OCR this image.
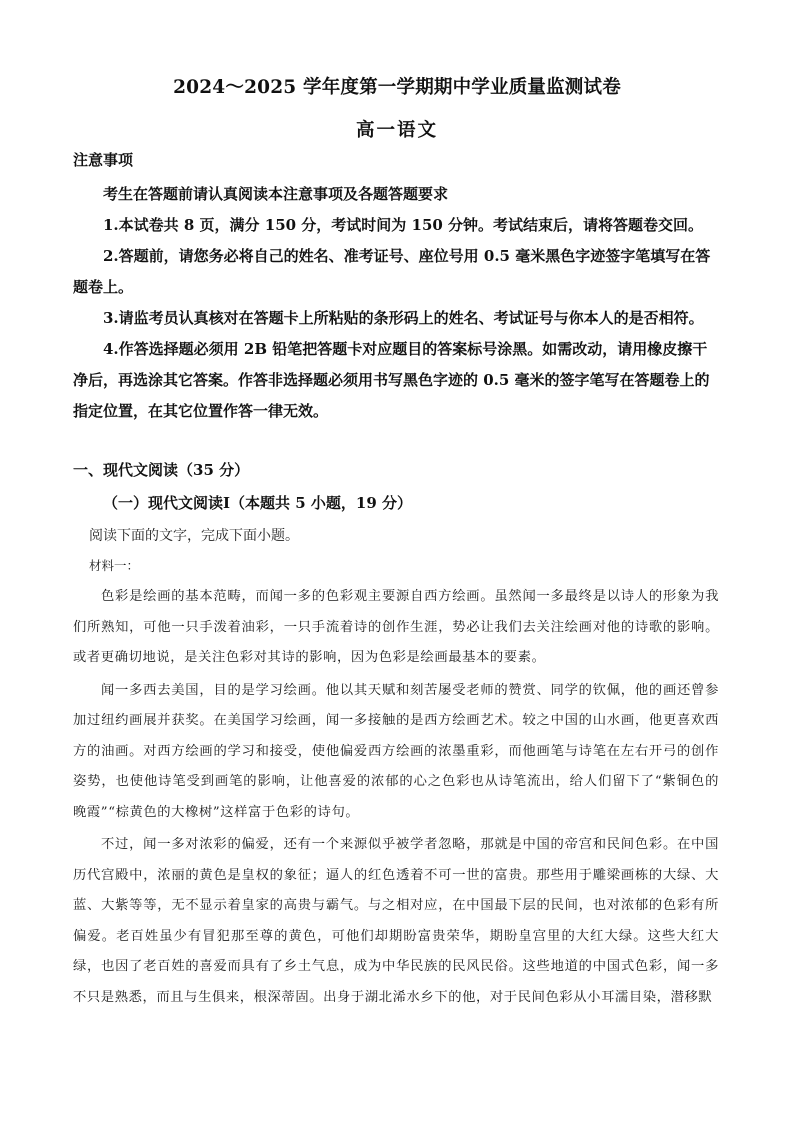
2024～2025 学年度第一学期期中学业质量监测试卷
高一语文
注意事项

考生在答题前请认真阅读本注意事项及各题答题要求

1.本试卷共 8 页，满分 150 分，考试时间为 150 分钟。考试结束后，请将答题卷交回。

2.答题前，请您务必将自己的姓名、准考证号、座位号用 0.5 毫米黑色字迹签字笔填写在答题卷上。

3.请监考员认真核对在答题卡上所粘贴的条形码上的姓名、考试证号与你本人的是否相符。

4.作答选择题必须用 2B 铅笔把答题卡对应题目的答案标号涂黑。如需改动，请用橡皮擦干净后，再选涂其它答案。作答非选择题必须用书写黑色字迹的 0.5 毫米的签字笔写在答题卷上的指定位置，在其它位置作答一律无效。

一、现代文阅读（35 分）
（一）现代文阅读Ⅰ（本题共 5 小题，19 分）
阅读下面的文字，完成下面小题。
材料一：

色彩是绘画的基本范畴，而闻一多的色彩观主要源自西方绘画。虽然闻一多最终是以诗人的形象为我们所熟知，可他一只手泼着油彩，一只手流着诗的创作生涯，势必让我们去关注绘画对他的诗歌的影响。或者更确切地说，是关注色彩对其诗的影响，因为色彩是绘画最基本的要素。

闻一多西去美国，目的是学习绘画。他以其天赋和刻苦屡受老师的赞赏、同学的钦佩，他的画还曾参加过纽约画展并获奖。在美国学习绘画，闻一多接触的是西方绘画艺术。较之中国的山水画，他更喜欢西方的油画。对西方绘画的学习和接受，使他偏爱西方绘画的浓墨重彩，而他画笔与诗笔在左右开弓的创作姿势，也使他诗笔受到画笔的影响，让他喜爱的浓郁的心之色彩也从诗笔流出，给人们留下了“紫铜色的晚霞”“棕黄色的大橡树”这样富于色彩的诗句。

不过，闻一多对浓彩的偏爱，还有一个来源似乎被学者忽略，那就是中国的帝宫和民间色彩。在中国历代宫殿中，浓丽的黄色是皇权的象征；逼人的红色透着不可一世的富贵。那些用于雕梁画栋的大绿、大蓝、大紫等等，无不显示着皇家的高贵与霸气。与之相对应，在中国最下层的民间，也对浓郁的色彩有所偏爱。老百姓虽少有冒犯那至尊的黄色，可他们却期盼富贵荣华，期盼皇宫里的大红大绿。这些大红大绿，也因了老百姓的喜爱而具有了乡土气息，成为中华民族的民风民俗。这些地道的中国式色彩，闻一多不只是熟悉，而且与生俱来，根深蒂固。出身于湖北浠水乡下的他，对于民间色彩从小耳濡目染，潜移默
